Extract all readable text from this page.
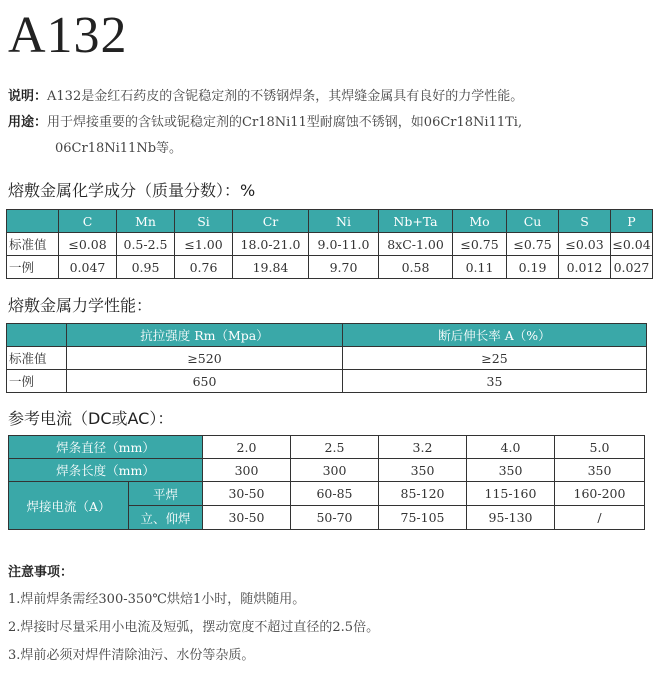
A132
说明：A132是金红石药皮的含铌稳定剂的不锈钢焊条，其焊缝金属具有良好的力学性能。
用途：用于焊接重要的含钛或铌稳定剂的Cr18Ni11型耐腐蚀不锈钢，如06Cr18Ni11Ti,
06Cr18Ni11Nb等。
熔敷金属化学成分（质量分数）：%
	C	Mn	Si	Cr	Ni	Nb+Ta	Mo	Cu	S	P
标准值	≤0.08	0.5-2.5	≤1.00	18.0-21.0	9.0-11.0	8xC-1.00	≤0.75	≤0.75	≤0.03	≤0.04
一例	0.047	0.95	0.76	19.84	9.70	0.58	0.11	0.19	0.012	0.027
熔敷金属力学性能：
	抗拉强度 Rm（Mpa）	断后伸长率 A（%）
标准值	≥520	≥25
一例	650	35
参考电流（DC或AC）：
焊条直径（mm）		2.0	2.5	3.2	4.0	5.0
焊条长度（mm）		300	300	350	350	350
焊接电流（A）	平焊	30-50	60-85	85-120	115-160	160-200
	立、仰焊	30-50	50-70	75-105	95-130	/
注意事项：
1.焊前焊条需经300-350℃烘焙1小时，随烘随用。
2.焊接时尽量采用小电流及短弧，摆动宽度不超过直径的2.5倍。
3.焊前必须对焊件清除油污、水份等杂质。
